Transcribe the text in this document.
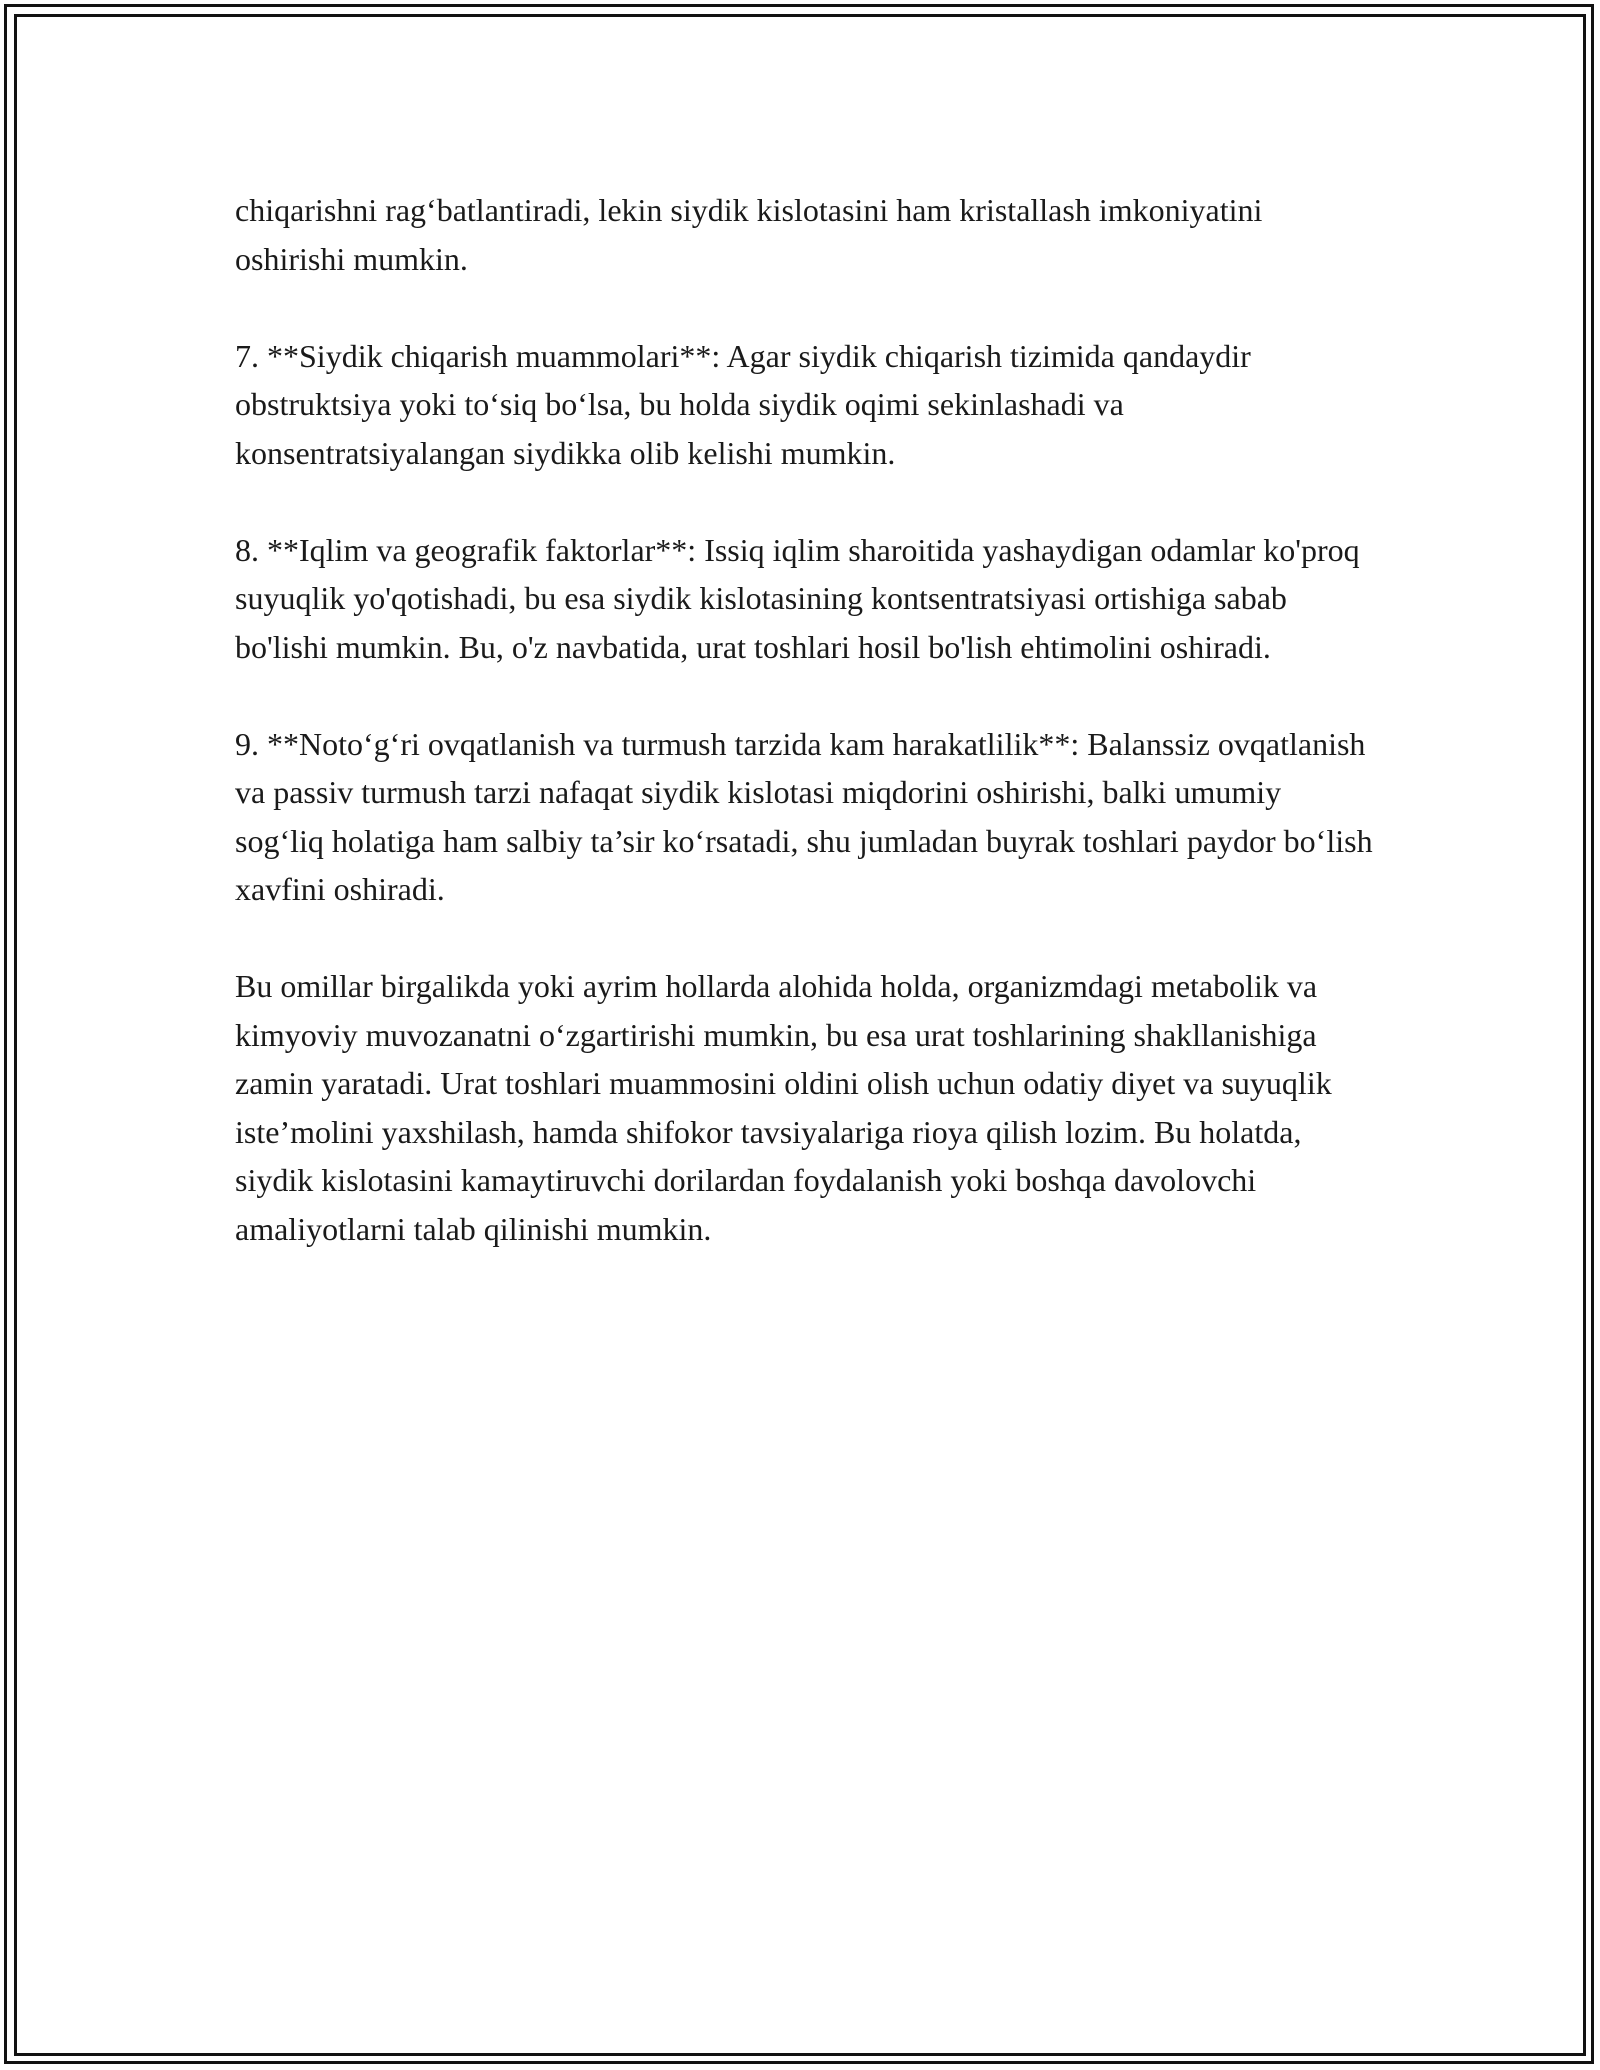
chiqarishni rag‘batlantiradi, lekin siydik kislotasini ham kristallash imkoniyatini oshirishi mumkin.

7. **Siydik chiqarish muammolari**: Agar siydik chiqarish tizimida qandaydir obstruktsiya yoki to‘siq bo‘lsa, bu holda siydik oqimi sekinlashadi va konsentratsiyalangan siydikka olib kelishi mumkin.

8. **Iqlim va geografik faktorlar**: Issiq iqlim sharoitida yashaydigan odamlar ko'proq suyuqlik yo'qotishadi, bu esa siydik kislotasining kontsentratsiyasi ortishiga sabab bo'lishi mumkin. Bu, o'z navbatida, urat toshlari hosil bo'lish ehtimolini oshiradi.

9. **Noto‘g‘ri ovqatlanish va turmush tarzida kam harakatlilik**: Balanssiz ovqatlanish va passiv turmush tarzi nafaqat siydik kislotasi miqdorini oshirishi, balki umumiy sog‘liq holatiga ham salbiy ta’sir ko‘rsatadi, shu jumladan buyrak toshlari paydor bo‘lish xavfini oshiradi.

Bu omillar birgalikda yoki ayrim hollarda alohida holda, organizmdagi metabolik va kimyoviy muvozanatni o‘zgartirishi mumkin, bu esa urat toshlarining shakllanishiga zamin yaratadi. Urat toshlari muammosini oldini olish uchun odatiy diyet va suyuqlik iste’molini yaxshilash, hamda shifokor tavsiyalariga rioya qilish lozim. Bu holatda, siydik kislotasini kamaytiruvchi dorilardan foydalanish yoki boshqa davolovchi amaliyotlarni talab qilinishi mumkin.
